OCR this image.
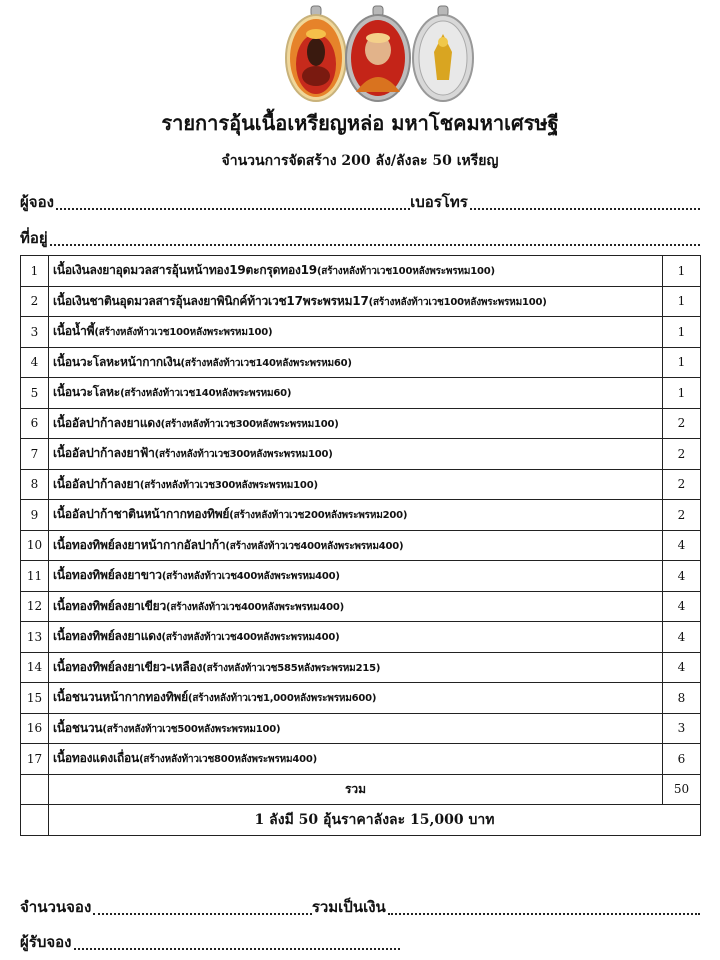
รายการอุ้นเนื้อเหรียญหล่อ มหาโชคมหาเศรษฐี
จำนวนการจัดสร้าง 200 ลัง/ลังละ 50 เหรียญ
ผู้จอง	เบอรโทร
ที่อยู่
1	เนื้อเงินลงยาอุดมวลสารอุ้นหน้าทอง19ตะกรุดทอง19(สร้างหลังท้าวเวช100หลังพระพรหม100)	1
2	เนื้อเงินชาตินอุดมวลสารอุ้นลงยาพินิกค์ท้าวเวช17พระพรหม17(สร้างหลังท้าวเวช100หลังพระพรหม100)	1
3	เนื้อน้ำพี้(สร้างหลังท้าวเวช100หลังพระพรหม100)	1
4	เนื้อนวะโลหะหน้ากากเงิน(สร้างหลังท้าวเวช140หลังพระพรหม60)	1
5	เนื้อนวะโลหะ(สร้างหลังท้าวเวช140หลังพระพรหม60)	1
6	เนื้ออัลปาก้าลงยาแดง(สร้างหลังท้าวเวช300หลังพระพรหม100)	2
7	เนื้ออัลปาก้าลงยาฟ้า(สร้างหลังท้าวเวช300หลังพระพรหม100)	2
8	เนื้ออัลปาก้าลงยา(สร้างหลังท้าวเวช300หลังพระพรหม100)	2
9	เนื้ออัลปาก้าชาตินหน้ากากทองทิพย์(สร้างหลังท้าวเวช200หลังพระพรหม200)	2
10	เนื้อทองทิพย์ลงยาหน้ากากอัลปาก้า(สร้างหลังท้าวเวช400หลังพระพรหม400)	4
11	เนื้อทองทิพย์ลงยาขาว(สร้างหลังท้าวเวช400หลังพระพรหม400)	4
12	เนื้อทองทิพย์ลงยาเขียว(สร้างหลังท้าวเวช400หลังพระพรหม400)	4
13	เนื้อทองทิพย์ลงยาแดง(สร้างหลังท้าวเวช400หลังพระพรหม400)	4
14	เนื้อทองทิพย์ลงยาเขียว-เหลือง(สร้างหลังท้าวเวช585หลังพระพรหม215)	4
15	เนื้อชนวนหน้ากากทองทิพย์(สร้างหลังท้าวเวช1,000หลังพระพรหม600)	8
16	เนื้อชนวน(สร้างหลังท้าวเวช500หลังพระพรหม100)	3
17	เนื้อทองแดงเถื่อน(สร้างหลังท้าวเวช800หลังพระพรหม400)	6
	รวม	50
	1 ลังมี 50 อุ้นราคาลังละ 15,000 บาท	
จำนวนจอง	รวมเป็นเงิน
ผู้รับจอง
